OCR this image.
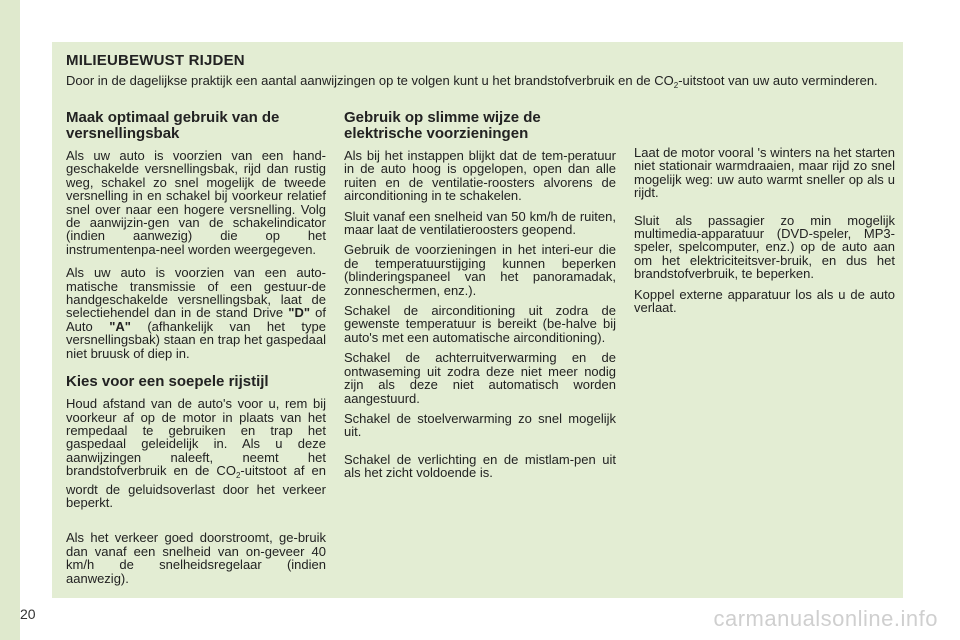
MILIEUBEWUST RIJDEN
Door in de dagelijkse praktijk een aantal aanwijzingen op te volgen kunt u het brandstofverbruik en de $CO_2$-uitstoot van uw auto verminderen.
Maak optimaal gebruik van de versnellingsbak

Als uw auto is voorzien van een hand-geschakelde versnellingsbak, rijd dan rustig weg, schakel zo snel mogelijk de tweede versnelling in en schakel bij voorkeur relatief snel over naar een hogere versnelling. Volg de aanwijzin-gen van de schakelindicator (indien aanwezig) die op het instrumentenpa-neel worden weergegeven.

Als uw auto is voorzien van een auto-matische transmissie of een gestuur-de handgeschakelde versnellingsbak, laat de selectiehendel dan in de stand Drive "D" of Auto "A" (afhankelijk van het type versnellingsbak) staan en trap het gaspedaal niet bruusk of diep in.

Kies voor een soepele rijstijl

Houd afstand van de auto's voor u, rem bij voorkeur af op de motor in plaats van het rempedaal te gebruiken en trap het gaspedaal geleidelijk in. Als u deze aanwijzingen naleeft, neemt het brandstofverbruik en de $CO_2$-uitstoot af en wordt de geluidsoverlast door het verkeer beperkt.

Als het verkeer goed doorstroomt, ge-bruik dan vanaf een snelheid van on-geveer 40 km/h de snelheidsregelaar (indien aanwezig).

Gebruik op slimme wijze de elektrische voorzieningen

Als bij het instappen blijkt dat de tem-peratuur in de auto hoog is opgelopen, open dan alle ruiten en de ventilatie-roosters alvorens de airconditioning in te schakelen.

Sluit vanaf een snelheid van 50 km/h de ruiten, maar laat de ventilatieroosters geopend.

Gebruik de voorzieningen in het interi-eur die de temperatuurstijging kunnen beperken (blinderingspaneel van het panoramadak, zonneschermen, enz.).

Schakel de airconditioning uit zodra de gewenste temperatuur is bereikt (be-halve bij auto's met een automatische airconditioning).

Schakel de achterruitverwarming en de ontwaseming uit zodra deze niet meer nodig zijn als deze niet automatisch worden aangestuurd.

Schakel de stoelverwarming zo snel mogelijk uit.

Schakel de verlichting en de mistlam-pen uit als het zicht voldoende is.

Laat de motor vooral 's winters na het starten niet stationair warmdraaien, maar rijd zo snel mogelijk weg: uw auto warmt sneller op als u rijdt.

Sluit als passagier zo min mogelijk multimedia-apparatuur (DVD-speler, MP3-speler, spelcomputer, enz.) op de auto aan om het elektriciteitsver-bruik, en dus het brandstofverbruik, te beperken.

Koppel externe apparatuur los als u de auto verlaat.

20	carmanualsonline.info
